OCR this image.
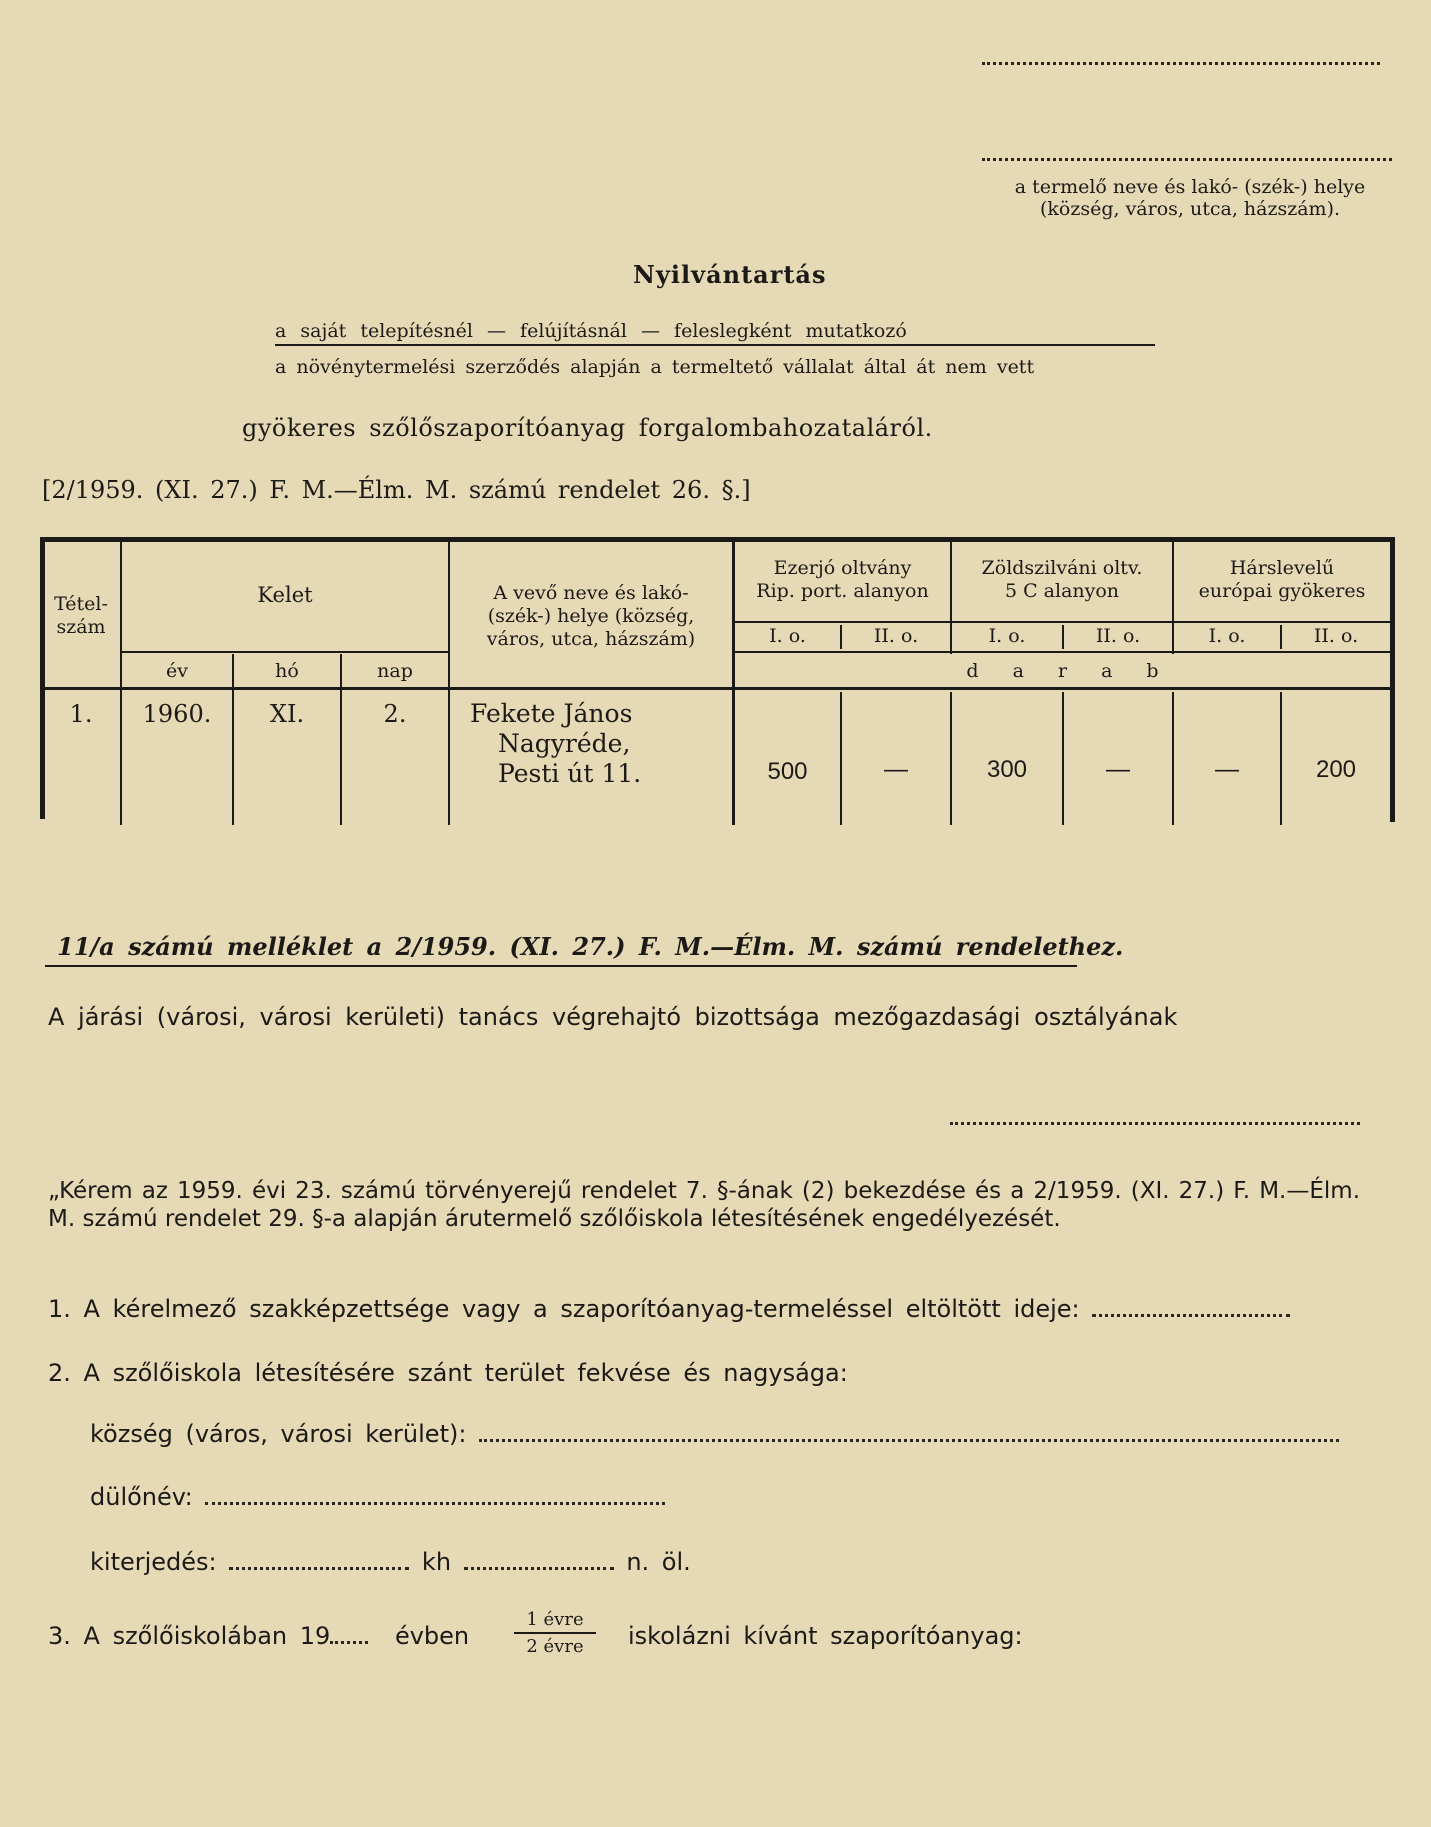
a termelő neve és lakó- (szék-) helye
(község, város, utca, házszám).
Nyilvántartás
a saját telepítésnél — felújításnál — feleslegként mutatkozó
a növénytermelési szerződés alapján a termeltető vállalat által át nem vett
gyökeres szőlőszaporítóanyag forgalombahozataláról.
[2/1959. (XI. 27.) F. M.—Élm. M. számú rendelet 26. §.]
Tétel-
szám
Kelet
év	hó	nap
A vevő neve és lakó-
(szék-) helye (község,
város, utca, házszám)
Ezerjó oltvány
Rip. port. alanyon
Zöldszilváni oltv.
5 C alanyon
Hárslevelű
európai gyökeres
I. o.	II. o.	I. o.	II. o.	I. o.	II. o.
d a r a b
1.	1960.	XI.	2.	Fekete János
Nagyréde,
Pesti út 11.	500	—	300	—	—	200
11/a számú melléklet a 2/1959. (XI. 27.) F. M.—Élm. M. számú rendelethez.
A járási (városi, városi kerületi) tanács végrehajtó bizottsága mezőgazdasági osztályának
„Kérem az 1959. évi 23. számú törvényerejű rendelet 7. §-ának (2) bekezdése és a 2/1959. (XI. 27.) F. M.—Élm. M. számú rendelet 29. §-a alapján árutermelő szőlőiskola létesítésének engedélyezését.
1. A kérelmező szakképzettsége vagy a szaporítóanyag-termeléssel eltöltött ideje:
2. A szőlőiskola létesítésére szánt terület fekvése és nagysága:
község (város, városi kerület):
dülőnév:
kiterjedés:	kh	n. öl.
3. A szőlőiskolában 19	évben
1 évre
2 évre	iskolázni kívánt szaporítóanyag:
